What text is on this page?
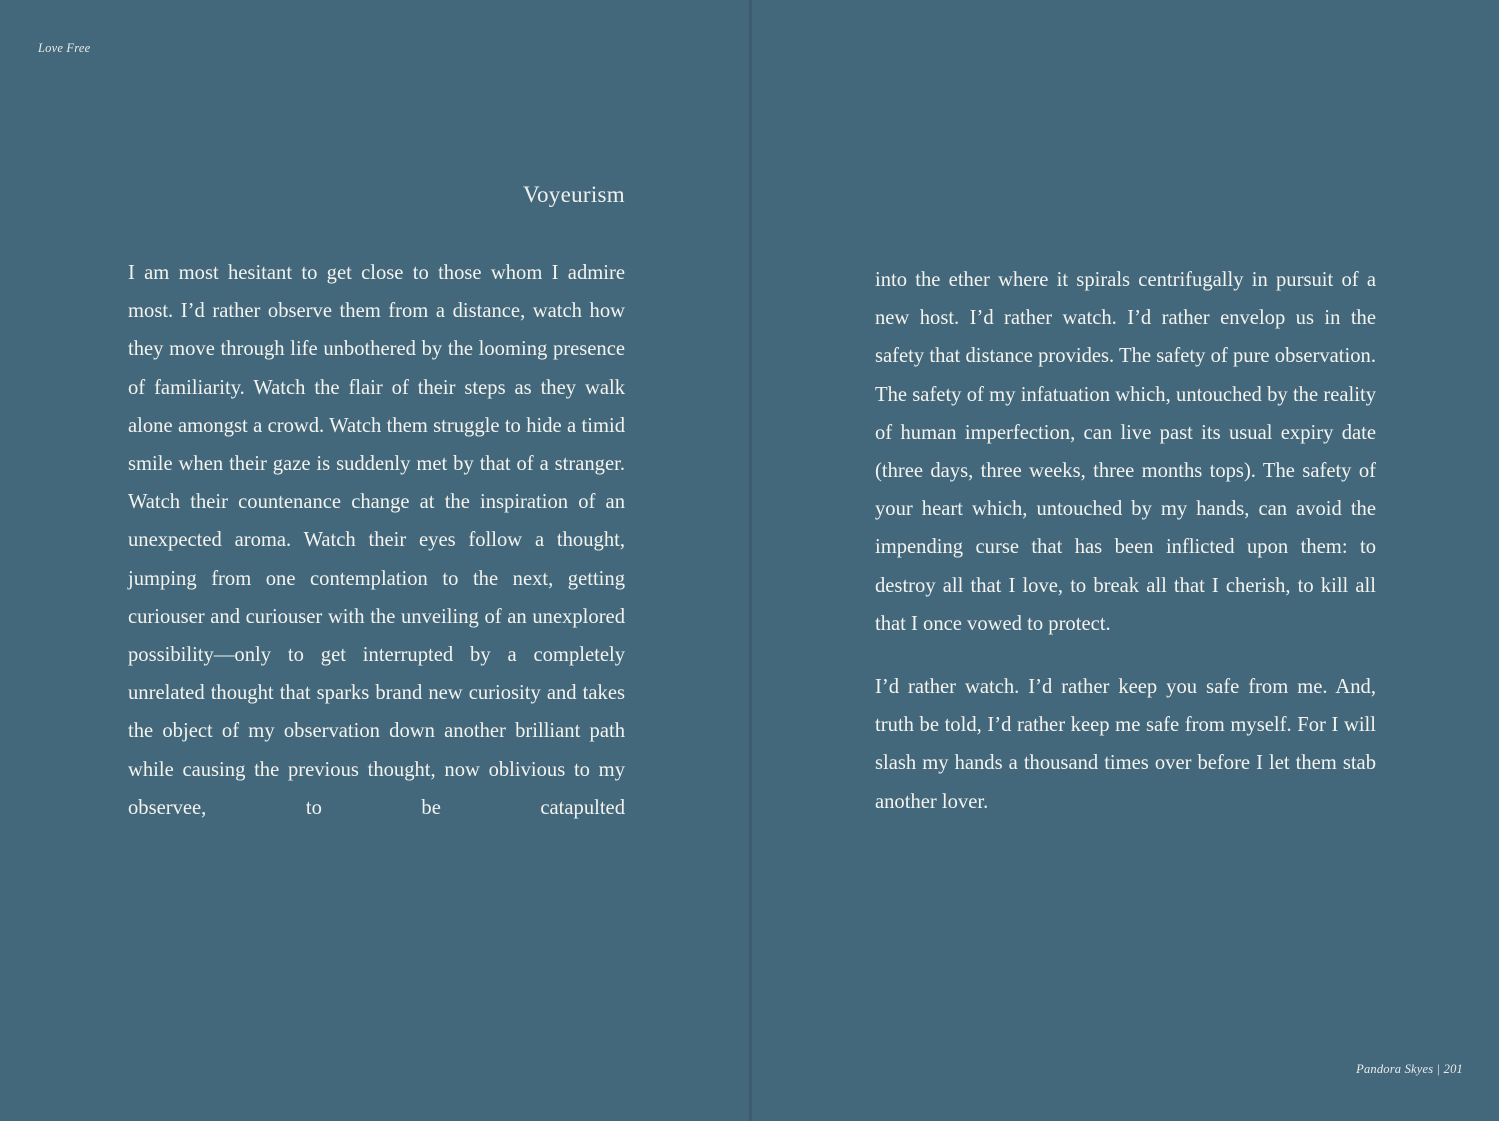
Love Free
Voyeurism

I am most hesitant to get close to those whom I admire most. I’d rather observe them from a distance, watch how they move through life unbothered by the looming presence of familiarity. Watch the flair of their steps as they walk alone amongst a crowd. Watch them struggle to hide a timid smile when their gaze is suddenly met by that of a stranger. Watch their countenance change at the inspiration of an unexpected aroma. Watch their eyes follow a thought, jumping from one contemplation to the next, getting curiouser and curiouser with the unveiling of an unexplored possibility—only to get interrupted by a completely unrelated thought that sparks brand new curiosity and takes the object of my observation down another brilliant path while causing the previous thought, now oblivious to my observee, to be catapulted

into the ether where it spirals centrifugally in pursuit of a new host. I’d rather watch. I’d rather envelop us in the safety that distance provides. The safety of pure observation. The safety of my infatuation which, untouched by the reality of human imperfection, can live past its usual expiry date (three days, three weeks, three months tops). The safety of your heart which, untouched by my hands, can avoid the impending curse that has been inflicted upon them: to destroy all that I love, to break all that I cherish, to kill all that I once vowed to protect.

I’d rather watch. I’d rather keep you safe from me. And, truth be told, I’d rather keep me safe from myself. For I will slash my hands a thousand times over before I let them stab another lover.

Pandora Skyes | 201
